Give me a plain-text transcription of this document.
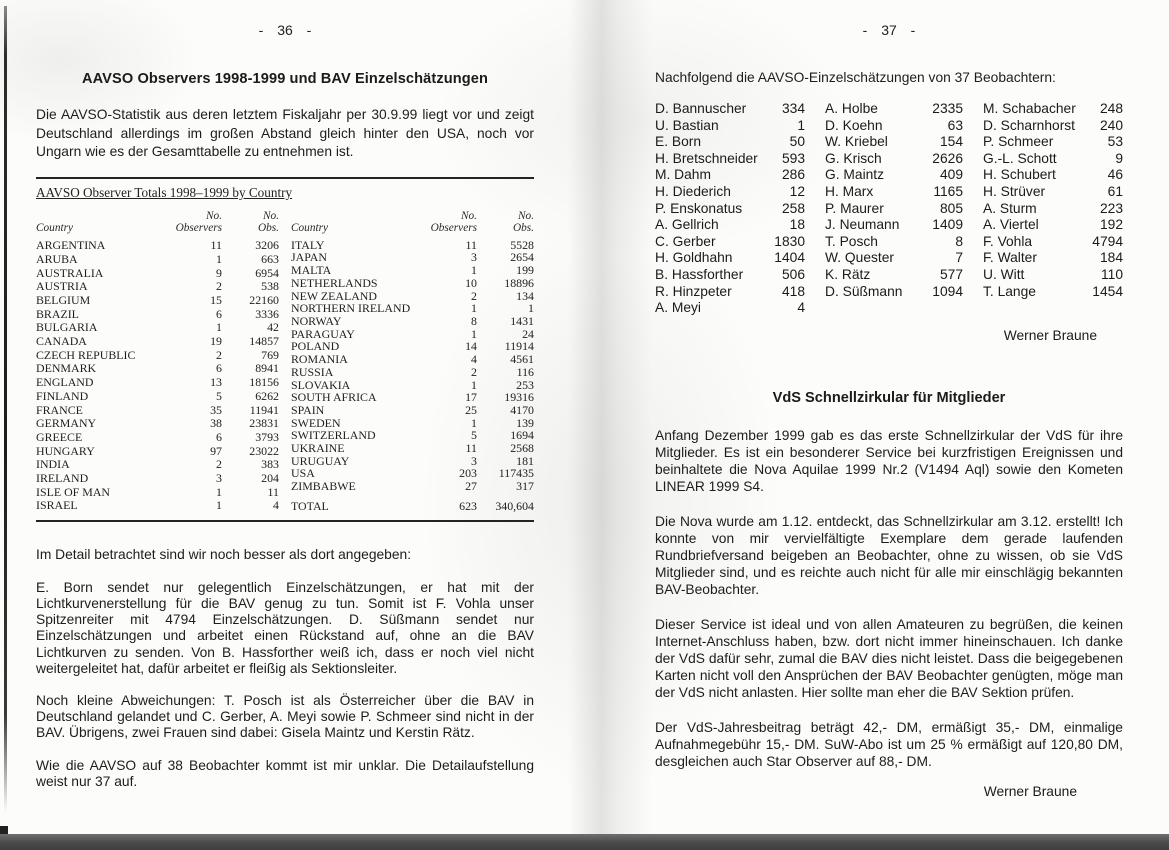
- 36 -
AAVSO Observers 1998-1999 und BAV Einzelschätzungen

Die AAVSO-Statistik aus deren letztem Fiskaljahr per 30.9.99 liegt vor und zeigt Deutschland allerdings im großen Abstand gleich hinter den USA, noch vor Ungarn wie es der Gesamttabelle zu entnehmen ist.

AAVSO Observer Totals 1998–1999 by Country
	No.	No.
Country	Observers	Obs.
ARGENTINA	11	3206
ARUBA	1	663
AUSTRALIA	9	6954
AUSTRIA	2	538
BELGIUM	15	22160
BRAZIL	6	3336
BULGARIA	1	42
CANADA	19	14857
CZECH REPUBLIC	2	769
DENMARK	6	8941
ENGLAND	13	18156
FINLAND	5	6262
FRANCE	35	11941
GERMANY	38	23831
GREECE	6	3793
HUNGARY	97	23022
INDIA	2	383
IRELAND	3	204
ISLE OF MAN	1	11
ISRAEL	1	4
	No.	No.
Country	Observers	Obs.
ITALY	11	5528
JAPAN	3	2654
MALTA	1	199
NETHERLANDS	10	18896
NEW ZEALAND	2	134
NORTHERN IRELAND	1	1
NORWAY	8	1431
PARAGUAY	1	24
POLAND	14	11914
ROMANIA	4	4561
RUSSIA	2	116
SLOVAKIA	1	253
SOUTH AFRICA	17	19316
SPAIN	25	4170
SWEDEN	1	139
SWITZERLAND	5	1694
UKRAINE	11	2568
URUGUAY	3	181
USA	203	117435
ZIMBABWE	27	317
TOTAL	623	340,604

Im Detail betrachtet sind wir noch besser als dort angegeben:

E. Born sendet nur gelegentlich Einzelschätzungen, er hat mit der Lichtkurvenerstellung für die BAV genug zu tun. Somit ist F. Vohla unser Spitzenreiter mit 4794 Einzelschätzungen. D. Süßmann sendet nur Einzelschätzungen und arbeitet einen Rückstand auf, ohne an die BAV Lichtkurven zu senden. Von B. Hassforther weiß ich, dass er noch viel nicht weitergeleitet hat, dafür arbeitet er fleißig als Sektionsleiter.

Noch kleine Abweichungen: T. Posch ist als Österreicher über die BAV in Deutschland gelandet und C. Gerber, A. Meyi sowie P. Schmeer sind nicht in der BAV. Übrigens, zwei Frauen sind dabei: Gisela Maintz und Kerstin Rätz.

Wie die AAVSO auf 38 Beobachter kommt ist mir unklar. Die Detailaufstellung weist nur 37 auf.

- 37 -

Nachfolgend die AAVSO-Einzelschätzungen von 37 Beobachtern:

D. Bannuscher	334
U. Bastian	1
E. Born	50
H. Bretschneider 593
M. Dahm	286
H. Diederich	12
P. Enskonatus	258
A. Gellrich	18
C. Gerber	1830
H. Goldhahn	1404
B. Hassforther	506
R. Hinzpeter	418
A. Meyi	4
A. Holbe	2335
D. Koehn	63
W. Kriebel	154
G. Krisch	2626
G. Maintz	409
H. Marx	1165
P. Maurer	805
J. Neumann 1409
T. Posch	8
W. Quester	7
K. Rätz	577
D. Süßmann 1094
M. Schabacher 248
D. Scharnhorst 240
P. Schmeer	53
G.-L. Schott	9
H. Schubert	46
H. Strüver	61
A. Sturm	223
A. Viertel	192
F. Vohla	4794
F. Walter	184
U. Witt	110
T. Lange	1454
Werner Braune
VdS Schnellzirkular für Mitglieder

Anfang Dezember 1999 gab es das erste Schnellzirkular der VdS für ihre Mitglieder. Es ist ein besonderer Service bei kurzfristigen Ereignissen und beinhaltete die Nova Aquilae 1999 Nr.2 (V1494 Aql) sowie den Kometen LINEAR 1999 S4.

Die Nova wurde am 1.12. entdeckt, das Schnellzirkular am 3.12. erstellt! Ich konnte von mir vervielfältigte Exemplare dem gerade laufenden Rundbriefversand beigeben an Beobachter, ohne zu wissen, ob sie VdS Mitglieder sind, und es reichte auch nicht für alle mir einschlägig bekannten BAV-Beobachter.

Dieser Service ist ideal und von allen Amateuren zu begrüßen, die keinen Internet-Anschluss haben, bzw. dort nicht immer hineinschauen. Ich danke der VdS dafür sehr, zumal die BAV dies nicht leistet. Dass die beigegebenen Karten nicht voll den Ansprüchen der BAV Beobachter genügten, möge man der VdS nicht anlasten. Hier sollte man eher die BAV Sektion prüfen.

Der VdS-Jahresbeitrag beträgt 42,- DM, ermäßigt 35,- DM, einmalige Aufnahmegebühr 15,- DM. SuW-Abo ist um 25 % ermäßigt auf 120,80 DM, desgleichen auch Star Observer auf 88,- DM.

Werner Braune
